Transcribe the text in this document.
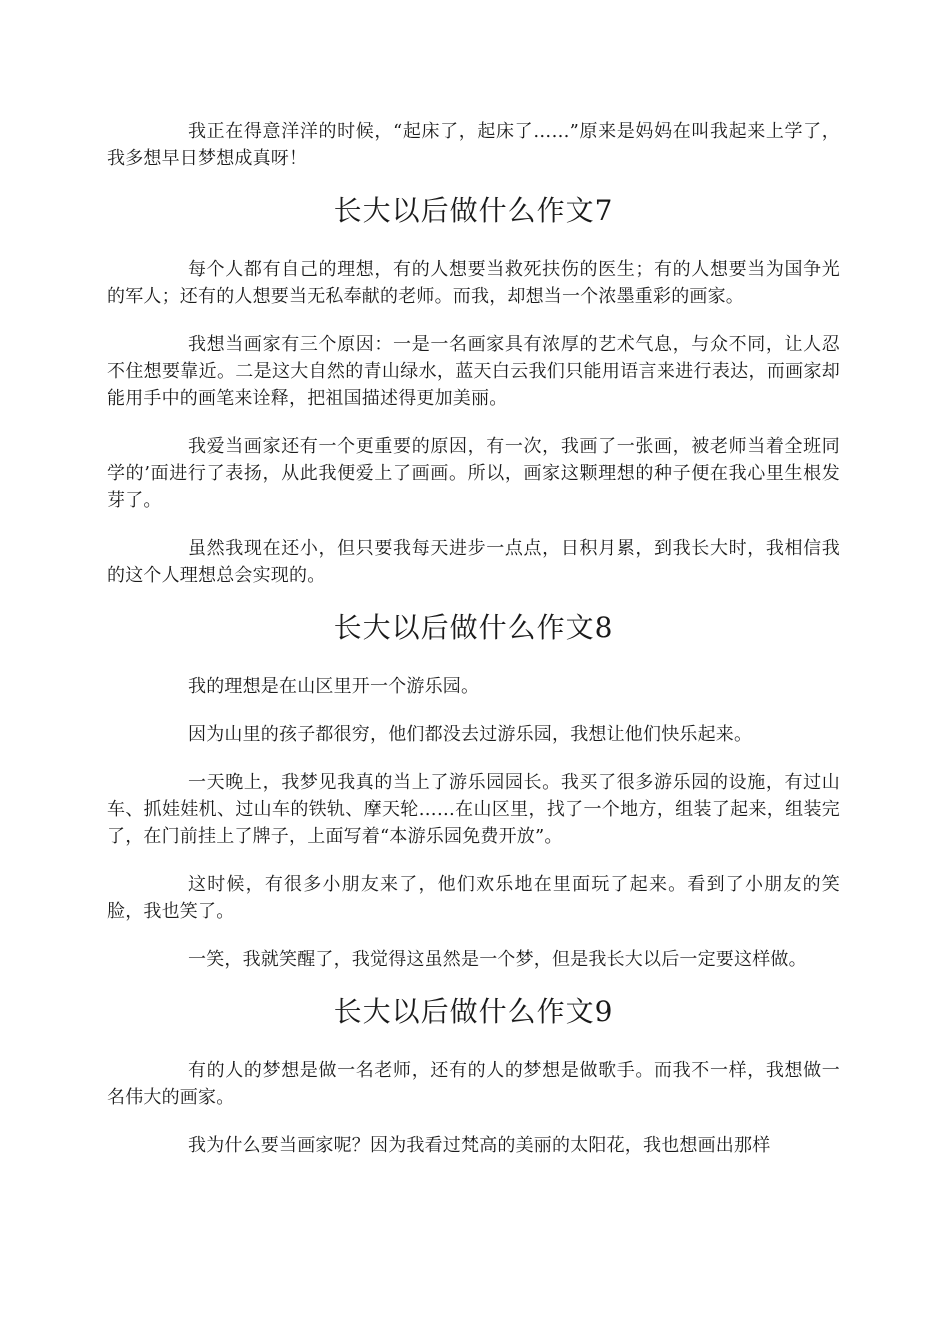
我正在得意洋洋的时候，“起床了，起床了……”原来是妈妈在叫我起来上学了，我多想早日梦想成真呀！

长大以后做什么作文7

每个人都有自己的理想，有的人想要当救死扶伤的医生；有的人想要当为国争光的军人；还有的人想要当无私奉献的老师。而我，却想当一个浓墨重彩的画家。

我想当画家有三个原因：一是一名画家具有浓厚的艺术气息，与众不同，让人忍不住想要靠近。二是这大自然的青山绿水，蓝天白云我们只能用语言来进行表达，而画家却能用手中的画笔来诠释，把祖国描述得更加美丽。

我爱当画家还有一个更重要的原因，有一次，我画了一张画，被老师当着全班同学的’面进行了表扬，从此我便爱上了画画。所以，画家这颗理想的种子便在我心里生根发芽了。

虽然我现在还小，但只要我每天进步一点点，日积月累，到我长大时，我相信我的这个人理想总会实现的。

长大以后做什么作文8

我的理想是在山区里开一个游乐园。

因为山里的孩子都很穷，他们都没去过游乐园，我想让他们快乐起来。

一天晚上，我梦见我真的当上了游乐园园长。我买了很多游乐园的设施，有过山车、抓娃娃机、过山车的铁轨、摩天轮……在山区里，找了一个地方，组装了起来，组装完了，在门前挂上了牌子，上面写着“本游乐园免费开放”。

这时候，有很多小朋友来了，他们欢乐地在里面玩了起来。看到了小朋友的笑脸，我也笑了。

一笑，我就笑醒了，我觉得这虽然是一个梦，但是我长大以后一定要这样做。

长大以后做什么作文9

有的人的梦想是做一名老师，还有的人的梦想是做歌手。而我不一样，我想做一名伟大的画家。

我为什么要当画家呢？因为我看过梵高的美丽的太阳花，我也想画出那样
